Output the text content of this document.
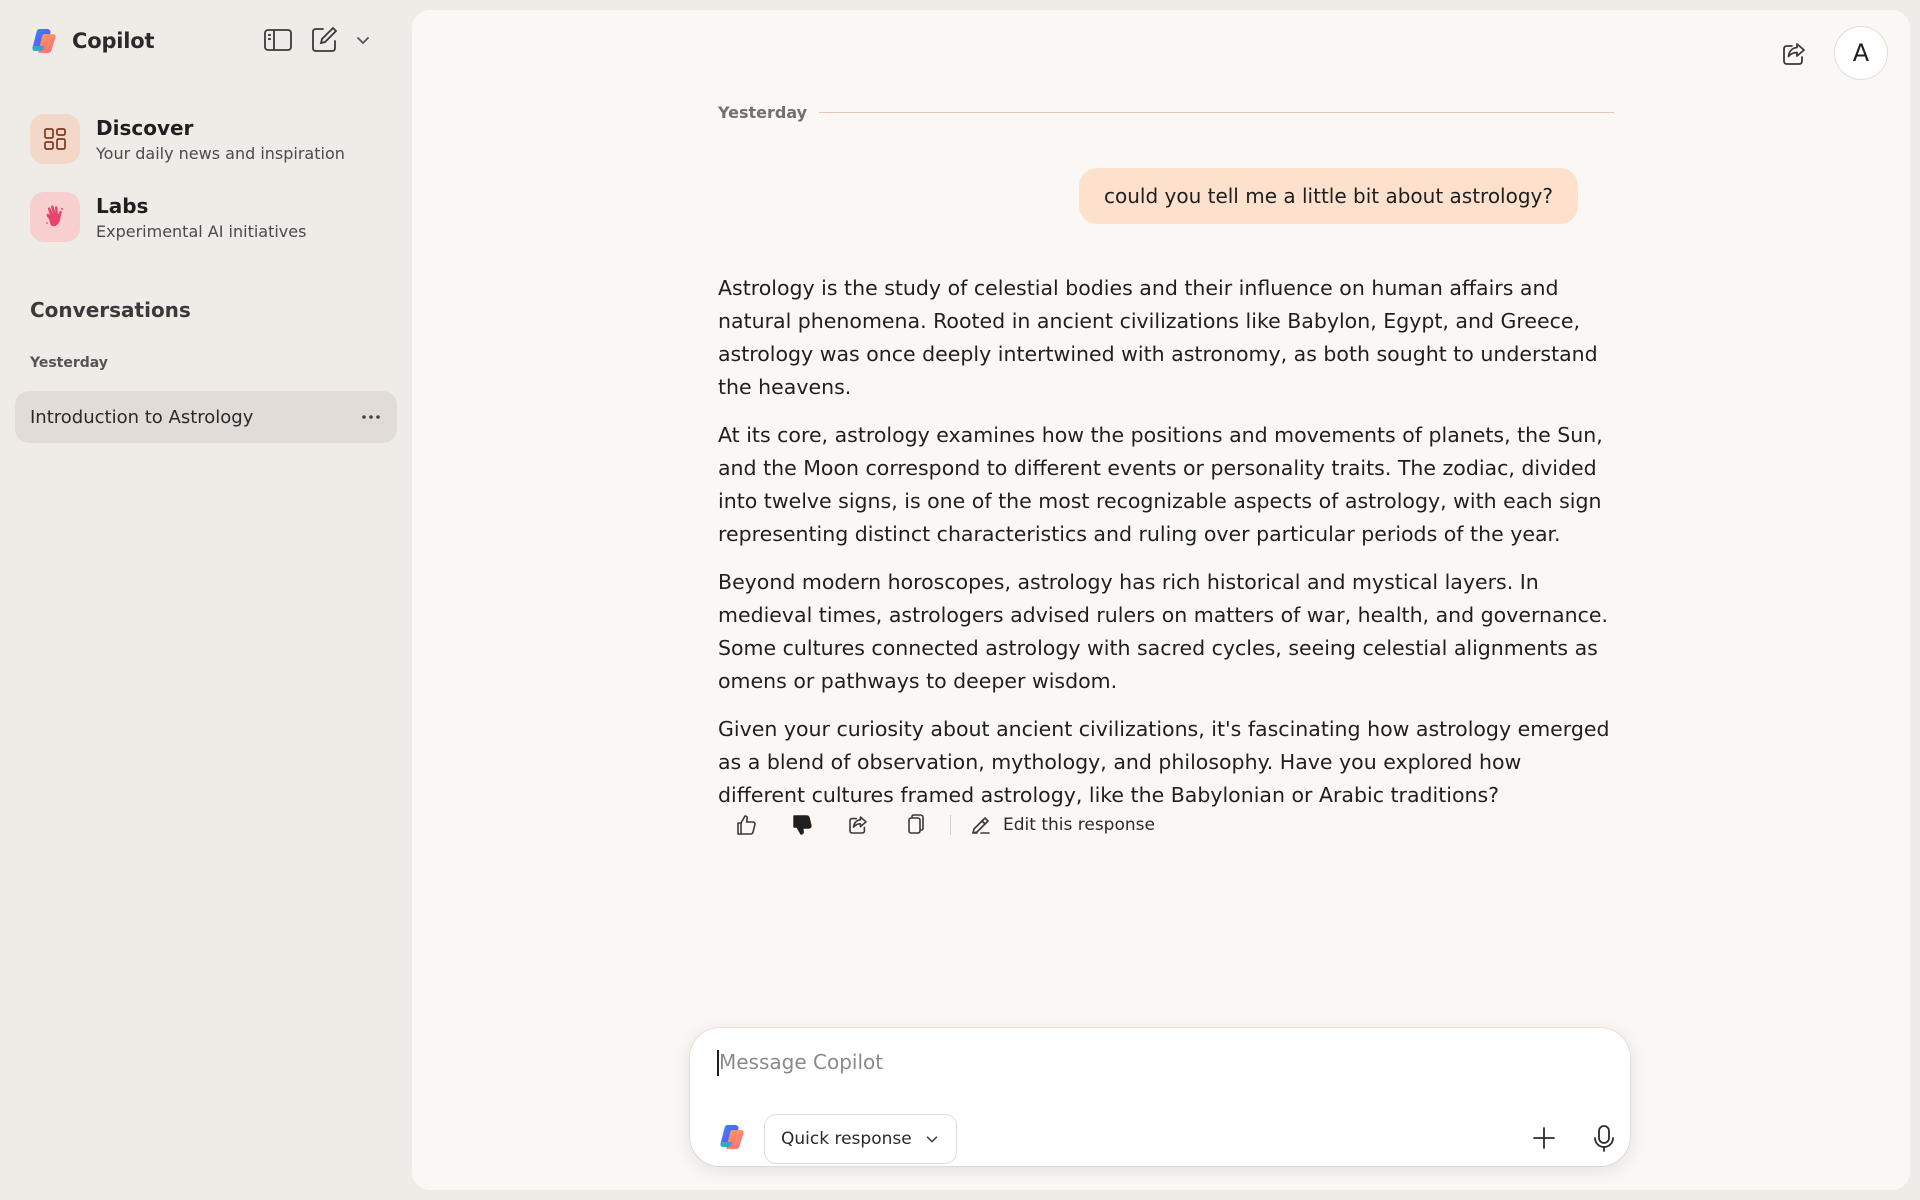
Copilot
Discover
Your daily news and inspiration
Labs
Experimental AI initiatives
Conversations
Yesterday
Introduction to Astrology
A
Yesterday
could you tell me a little bit about astrology?

Astrology is the study of celestial bodies and their influence on human affairs and natural phenomena. Rooted in ancient civilizations like Babylon, Egypt, and Greece, astrology was once deeply intertwined with astronomy, as both sought to understand the heavens.

At its core, astrology examines how the positions and movements of planets, the Sun, and the Moon correspond to different events or personality traits. The zodiac, divided into twelve signs, is one of the most recognizable aspects of astrology, with each sign representing distinct characteristics and ruling over particular periods of the year.

Beyond modern horoscopes, astrology has rich historical and mystical layers. In medieval times, astrologers advised rulers on matters of war, health, and governance. Some cultures connected astrology with sacred cycles, seeing celestial alignments as omens or pathways to deeper wisdom.

Given your curiosity about ancient civilizations, it's fascinating how astrology emerged as a blend of observation, mythology, and philosophy. Have you explored how different cultures framed astrology, like the Babylonian or Arabic traditions?

Edit this response
Message Copilot
Quick response
